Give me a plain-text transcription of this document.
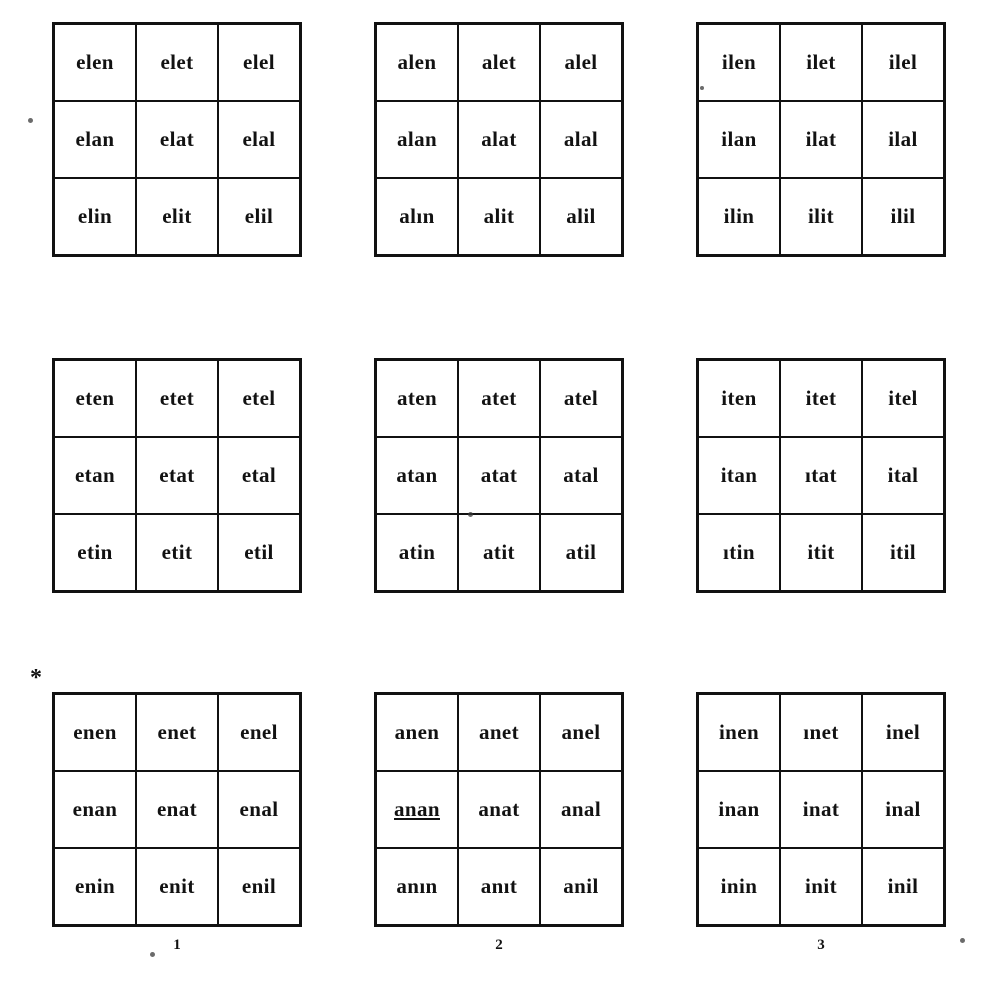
elen	elet	elel
elan	elat	elal
elin	elit	elil
alen	alet	alel
alan	alat	alal
alın	alit	alil
ilen	ilet	ilel
ilan	ilat	ilal
ilin	ilit	ilil
eten	etet	etel
etan	etat	etal
etin	etit	etil
aten	atet	atel
atan	atat	atal
atin	atit	atil
iten	itet	itel
itan	ıtat	ital
ıtin	itit	itil
*
enen	enet	enel
enan	enat	enal
enin	enit	enil
1
anen	anet	anel
anan	anat	anal
anın	anıt	anil
2
inen	ınet	inel
inan	inat	inal
inin	init	inil
3
